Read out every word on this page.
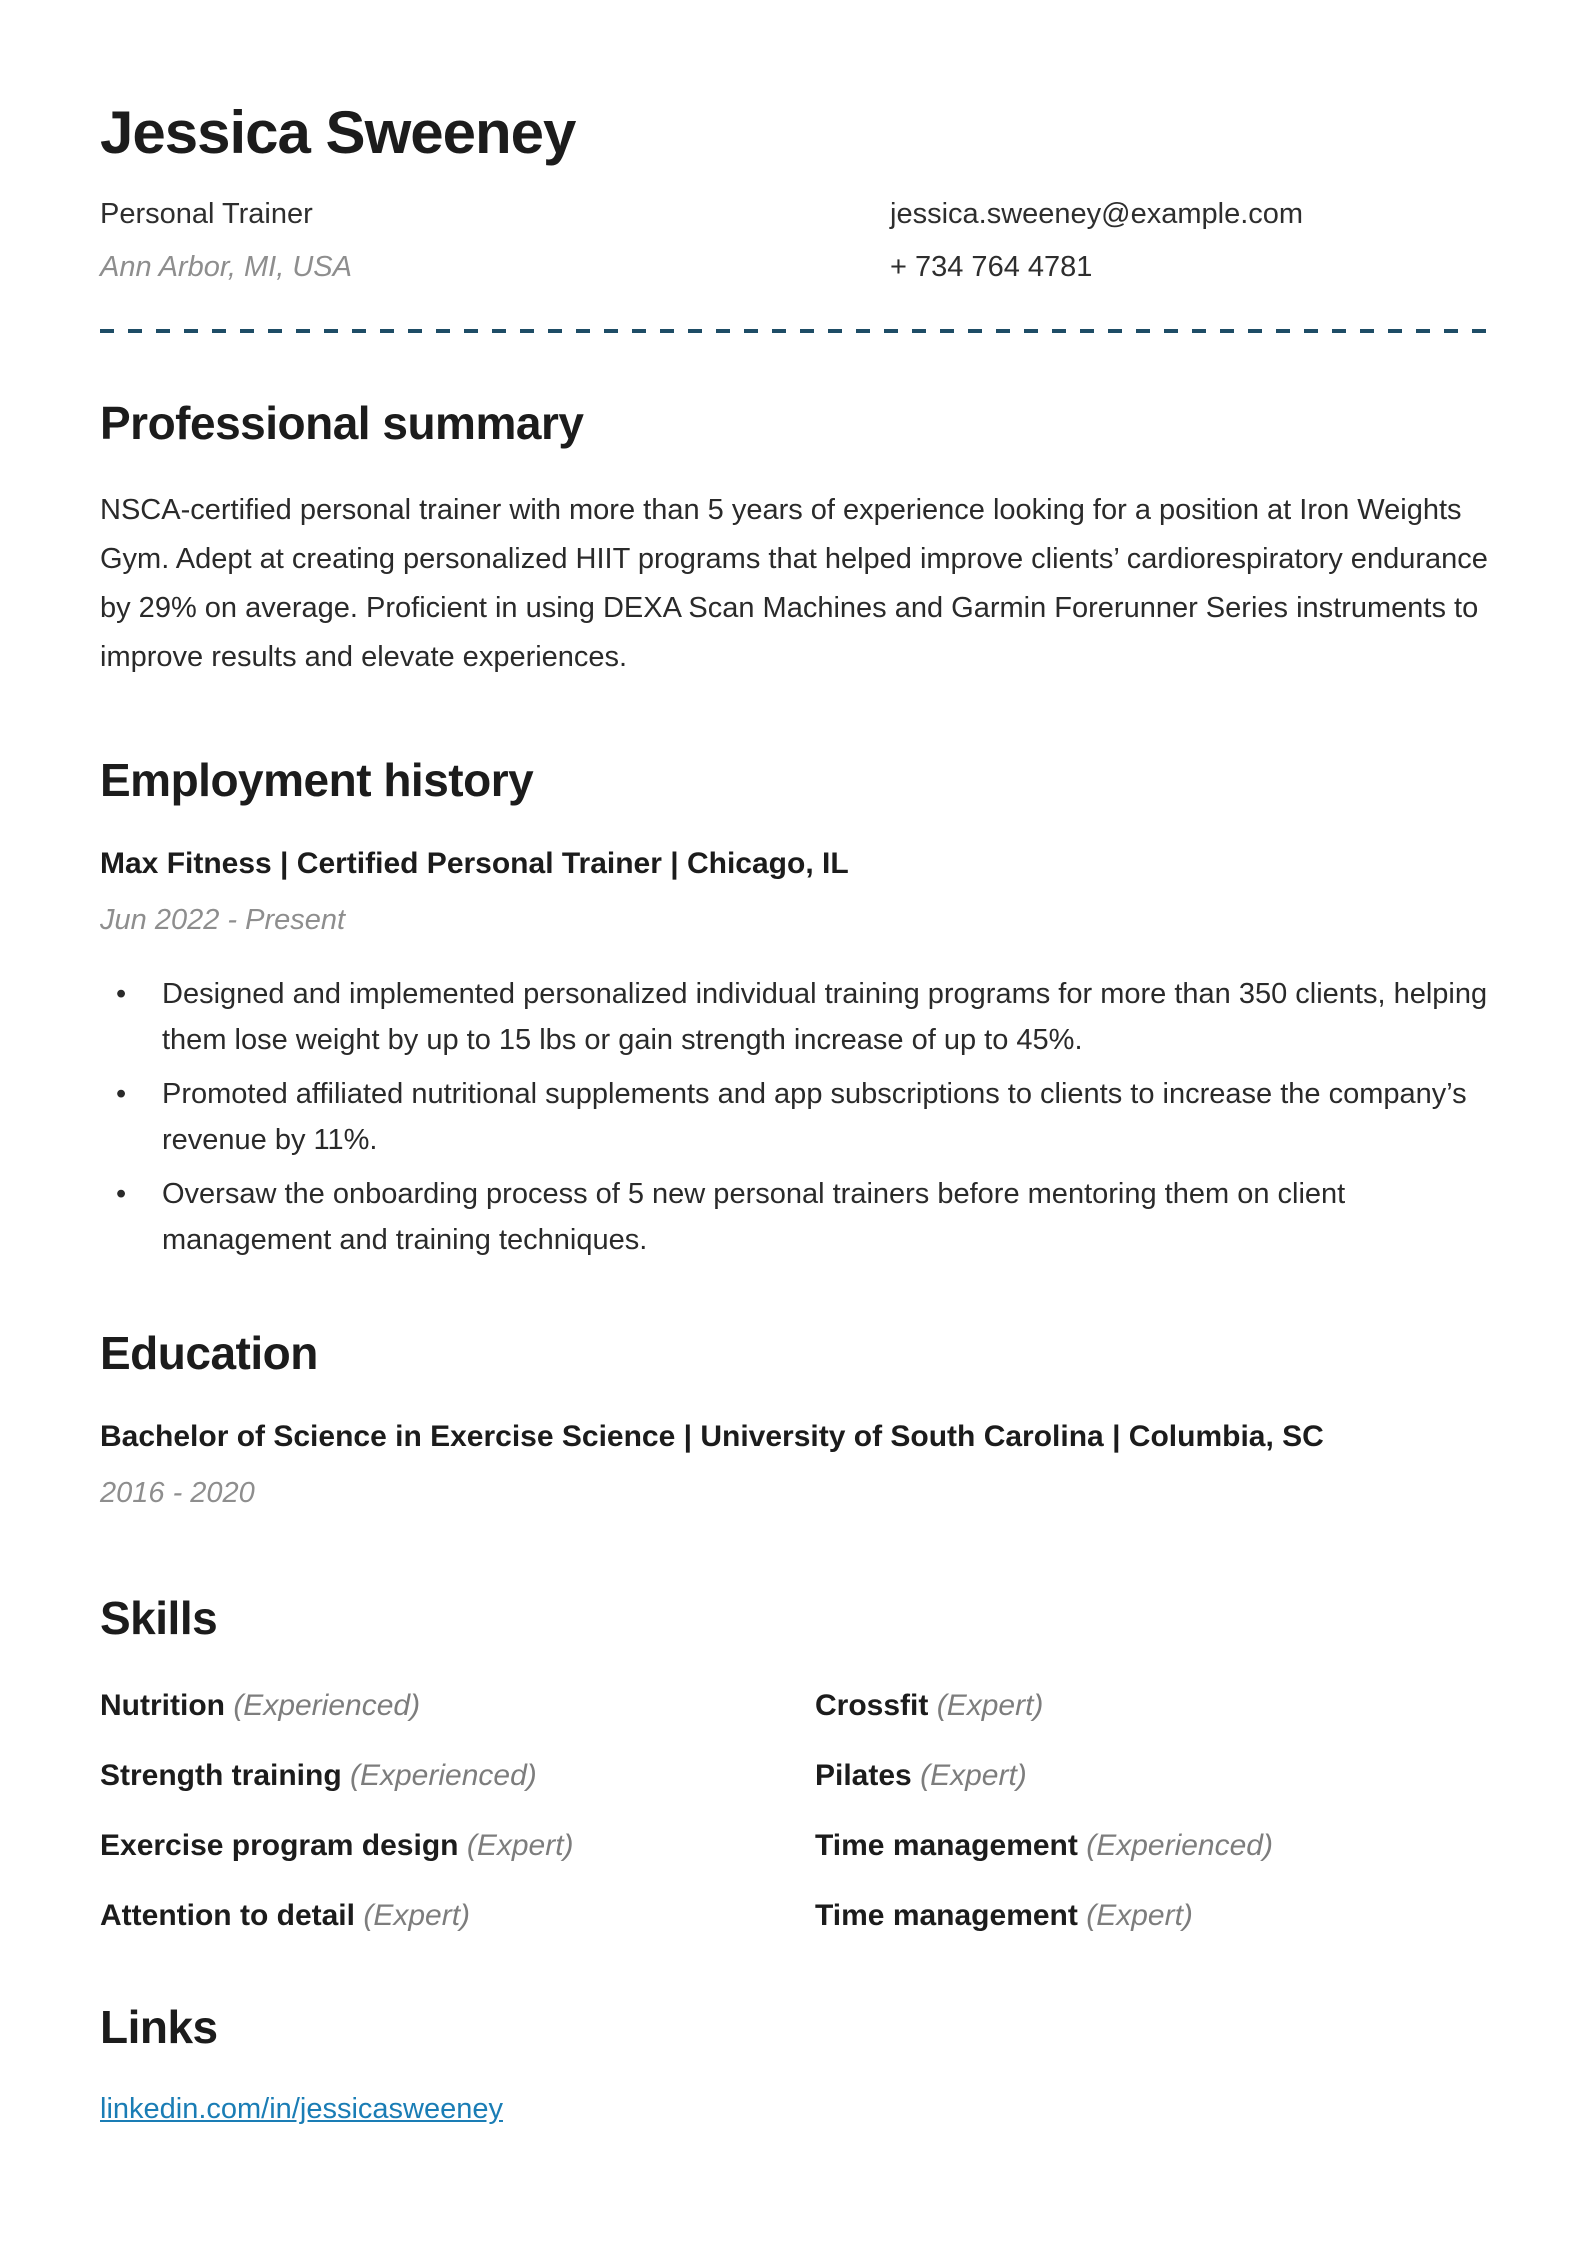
Jessica Sweeney
Personal Trainer	jessica.sweeney@example.com
Ann Arbor, MI, USA	+ 734 764 4781
Professional summary

NSCA-certified personal trainer with more than 5 years of experience looking for a position at Iron Weights Gym. Adept at creating personalized HIIT programs that helped improve clients’ cardiorespiratory endurance by 29% on average. Proficient in using DEXA Scan Machines and Garmin Forerunner Series instruments to improve results and elevate experiences.

Employment history
Max Fitness | Certified Personal Trainer | Chicago, IL
Jun 2022 - Present
• Designed and implemented personalized individual training programs for more than 350 clients, helping them lose weight by up to 15 lbs or gain strength increase of up to 45%.
• Promoted affiliated nutritional supplements and app subscriptions to clients to increase the company’s revenue by 11%.
• Oversaw the onboarding process of 5 new personal trainers before mentoring them on client management and training techniques.
Education
Bachelor of Science in Exercise Science | University of South Carolina | Columbia, SC
2016 - 2020
Skills
Nutrition (Experienced)	Crossfit (Expert)
Strength training (Experienced)	Pilates (Expert)
Exercise program design (Expert)	Time management (Experienced)
Attention to detail (Expert)	Time management (Expert)
Links
linkedin.com/in/jessicasweeney
